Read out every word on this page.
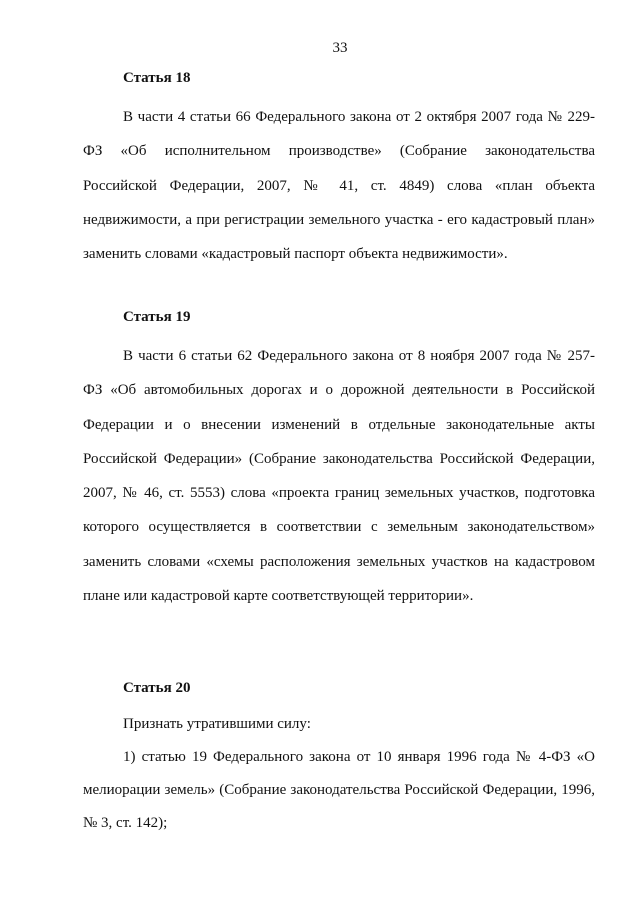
33
Статья 18

В части 4 статьи 66 Федерального закона от 2 октября 2007 года № 229-ФЗ «Об исполнительном производстве» (Собрание законодательства Российской Федерации, 2007, № 41, ст. 4849) слова «план объекта недвижимости, а при регистрации земельного участка - его кадастровый план» заменить словами «кадастровый паспорт объекта недвижимости».

Статья 19

В части 6 статьи 62 Федерального закона от 8 ноября 2007 года № 257-ФЗ «Об автомобильных дорогах и о дорожной деятельности в Российской Федерации и о внесении изменений в отдельные законодательные акты Российской Федерации» (Собрание законодательства Российской Федерации, 2007, № 46, ст. 5553) слова «проекта границ земельных участков, подготовка которого осуществляется в соответствии с земельным законодательством» заменить словами «схемы расположения земельных участков на кадастровом плане или кадастровой карте соответствующей территории».

Статья 20

Признать утратившими силу:

1) статью 19 Федерального закона от 10 января 1996 года № 4-ФЗ «О мелиорации земель» (Собрание законодательства Российской Федерации, 1996, № 3, ст. 142);
